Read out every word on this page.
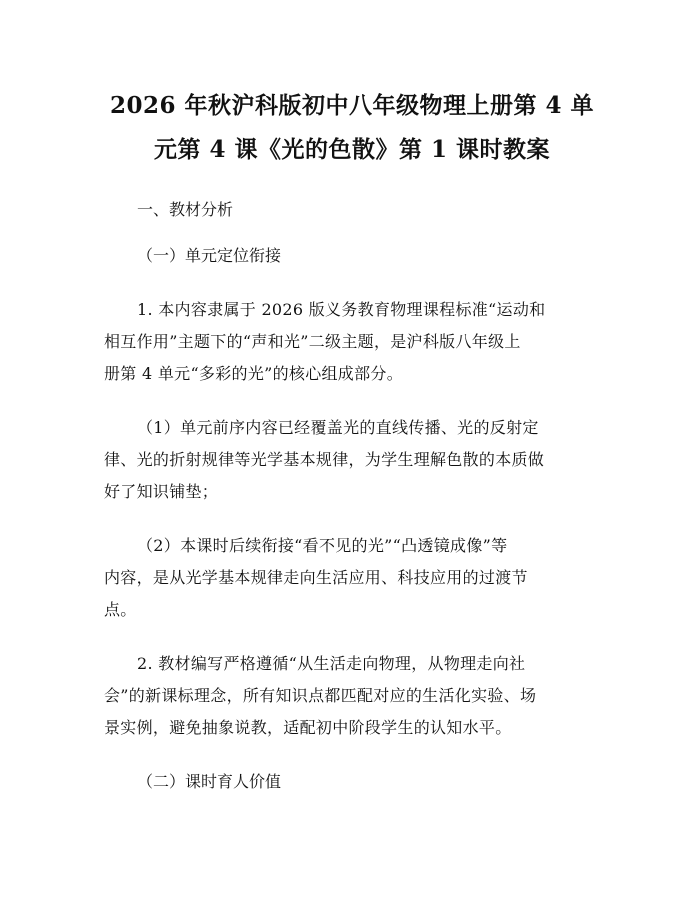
2026 年秋沪科版初中八年级物理上册第 4 单
元第 4 课《光的色散》第 1 课时教案

一、教材分析

（一）单元定位衔接

1. 本内容隶属于 2026 版义务教育物理课程标准“运动和
相互作用”主题下的“声和光”二级主题，是沪科版八年级上
册第 4 单元“多彩的光”的核心组成部分。
（1）单元前序内容已经覆盖光的直线传播、光的反射定
律、光的折射规律等光学基本规律，为学生理解色散的本质做
好了知识铺垫；
（2）本课时后续衔接“看不见的光”“凸透镜成像”等
内容，是从光学基本规律走向生活应用、科技应用的过渡节
点。
2. 教材编写严格遵循“从生活走向物理，从物理走向社
会”的新课标理念，所有知识点都匹配对应的生活化实验、场
景实例，避免抽象说教，适配初中阶段学生的认知水平。

（二）课时育人价值
